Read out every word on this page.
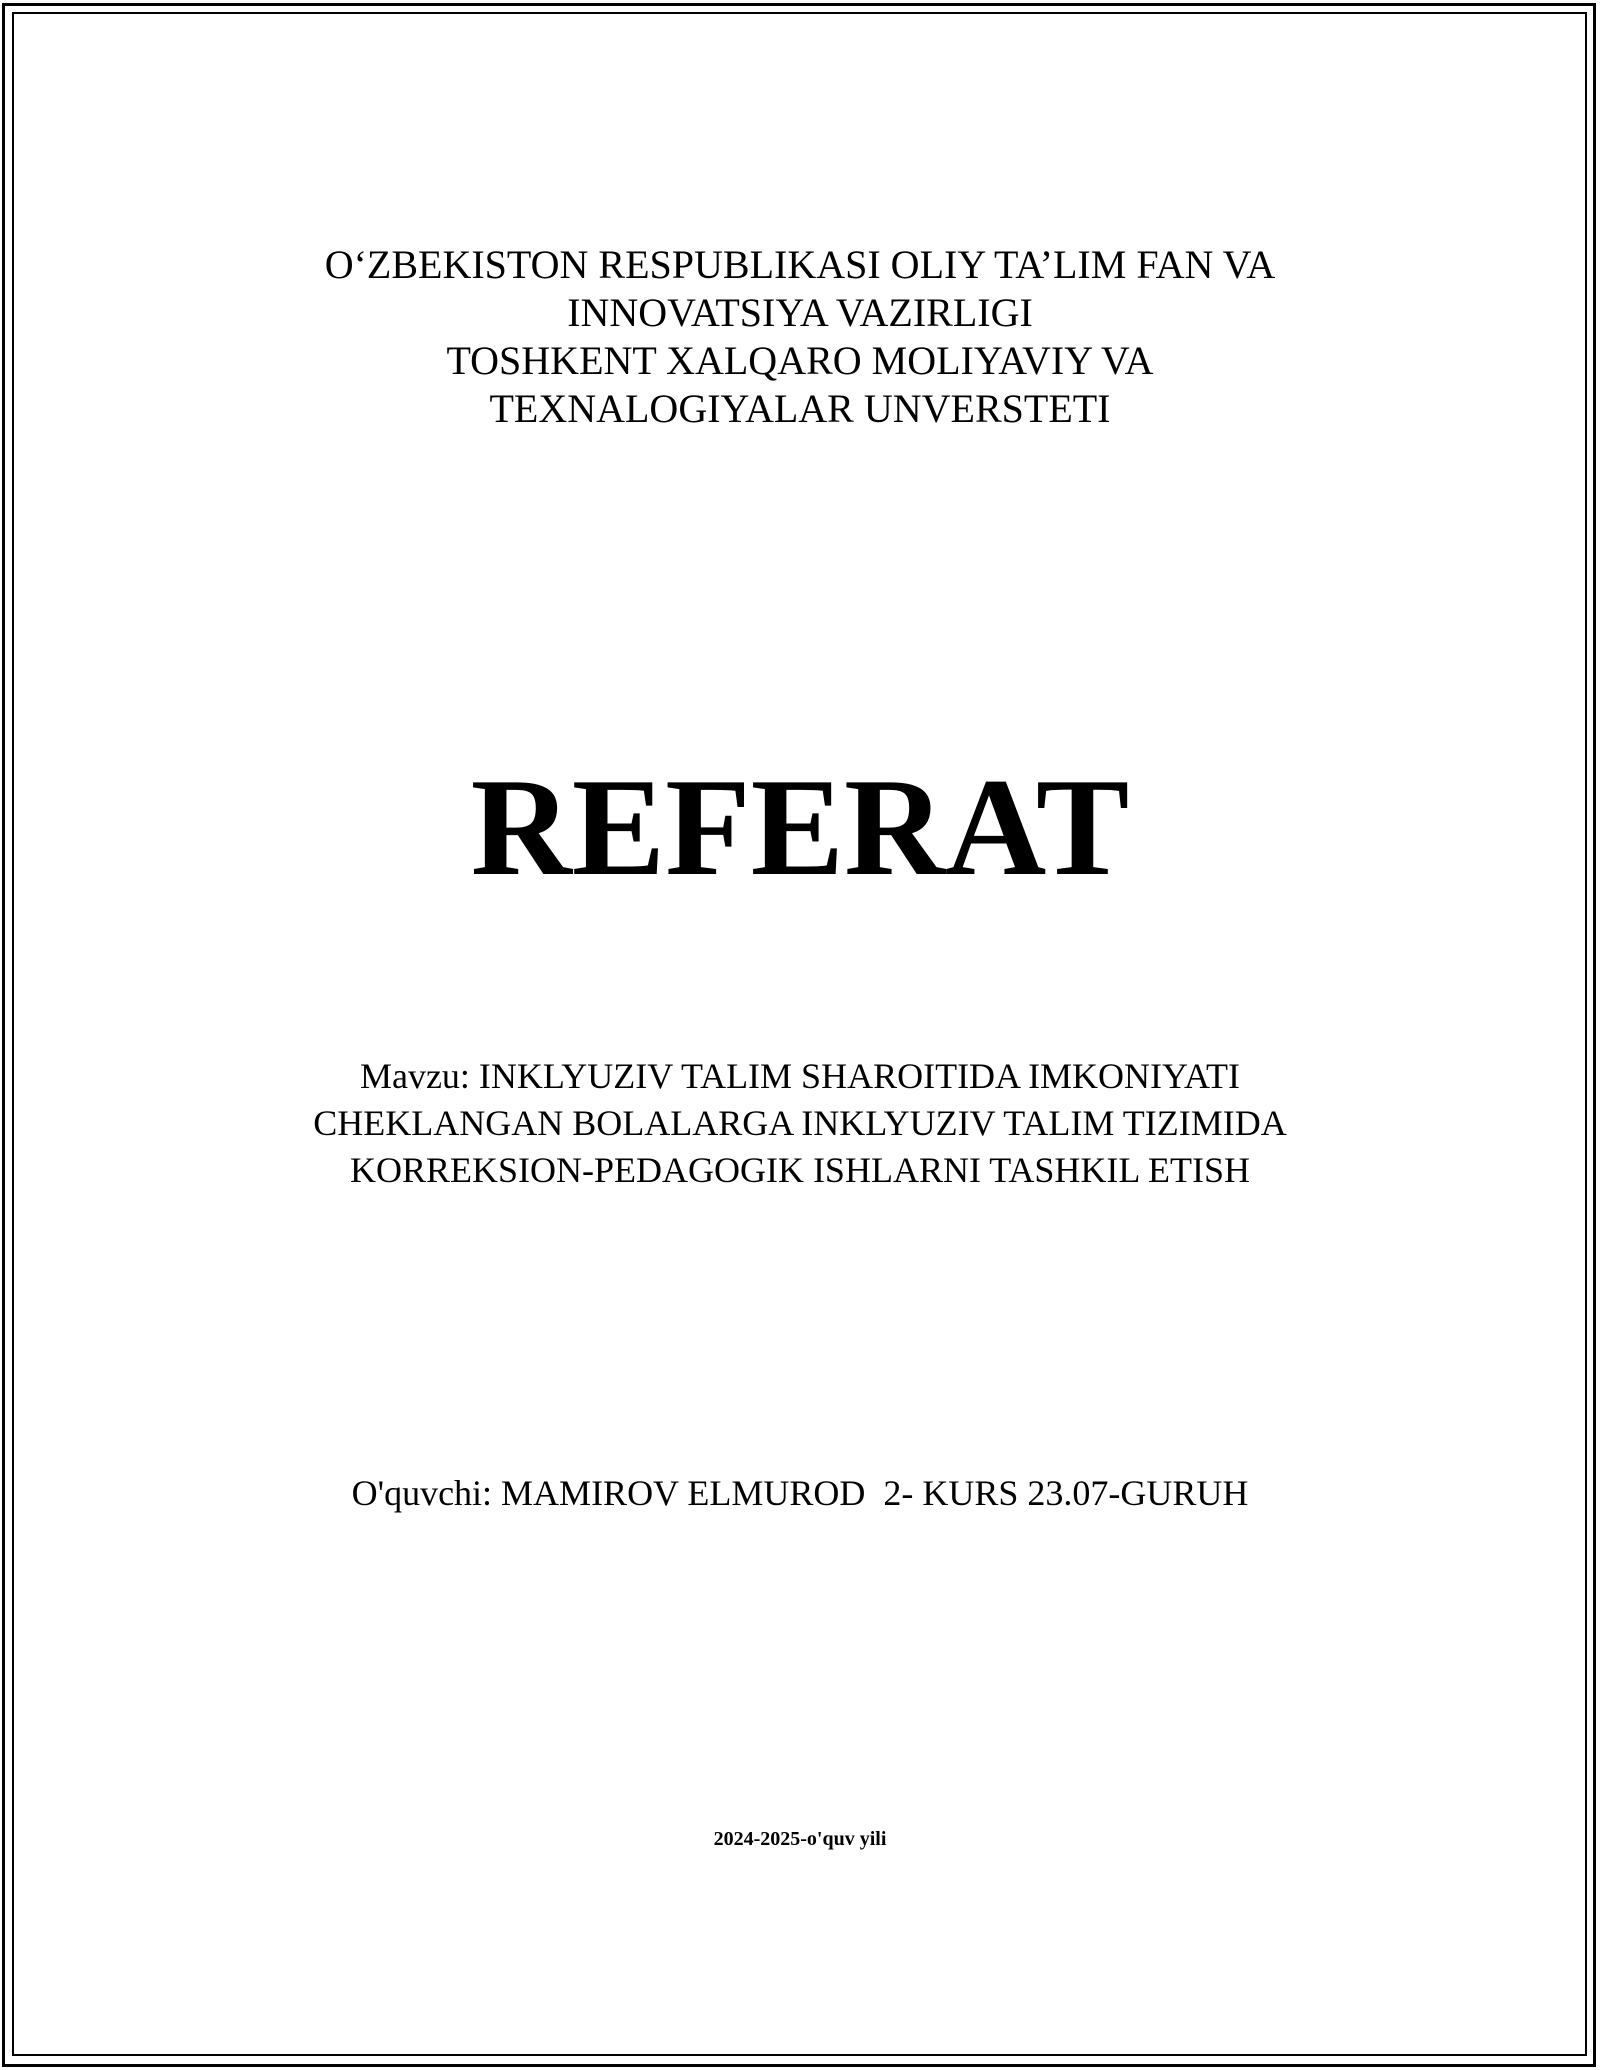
O‘ZBEKISTON RESPUBLIKASI OLIY TA’LIM FAN VA
INNOVATSIYA VAZIRLIGI
TOSHKENT XALQARO MOLIYAVIY VA
TEXNALOGIYALAR UNVERSTETI
REFERAT
Mavzu: INKLYUZIV TALIM SHAROITIDA IMKONIYATI
CHEKLANGAN BOLALARGA INKLYUZIV TALIM TIZIMIDA
KORREKSION-PEDAGOGIK ISHLARNI TASHKIL ETISH
O'quvchi: MAMIROV ELMUROD  2- KURS 23.07-GURUH
2024-2025-o'quv yili
